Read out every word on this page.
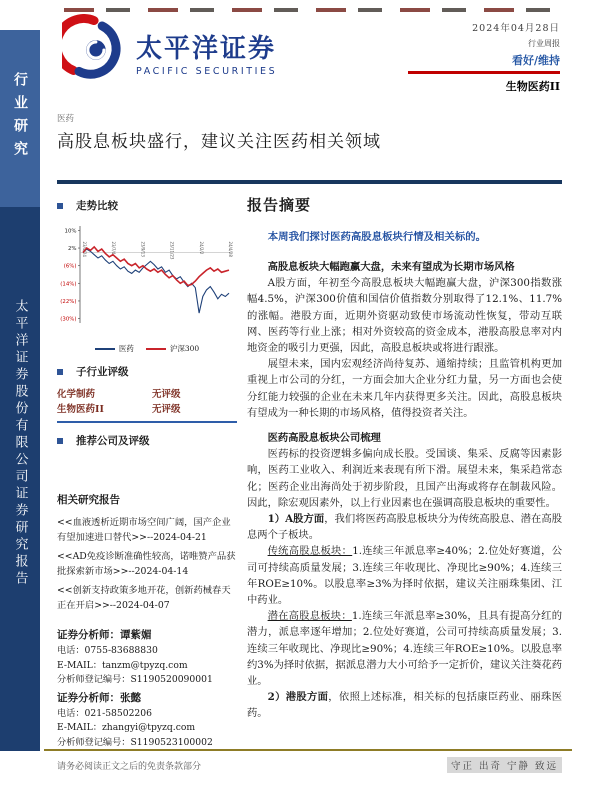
行业研究
太平洋证券股份有限公司证券研究报告
太平洋证券
PACIFIC SECURITIES
2024年04月28日
行业周报
看好/维持
生物医药II
医药
高股息板块盛行，建议关注医药相关领域
走势比较
10%
2%
(6%)
(14%)
(22%)
(30%)
23/4/24	23/7/4	23/9/13	23/11/23	24/2/2	24/4/28
医药	沪深300
子行业评级
化学制药	无评级
生物医药II	无评级
推荐公司及评级
相关研究报告

<<血液透析近期市场空间广阔，国产企业有望加速进口替代>>--2024-04-21

<<AD免疫诊断准确性较高，诺唯赞产品获批探索新市场>>--2024-04-14

<<创新支持政策多地开花，创新药械春天正在开启>>--2024-04-07

证券分析师：谭紫媚
电话：0755-83688830
E-MAIL：tanzm@tpyzq.com
分析师登记编号：S1190520090001
证券分析师：张懿
电话：021-58502206
E-MAIL：zhangyi@tpyzq.com
分析师登记编号：S1190523100002
报告摘要

本周我们探讨医药高股息板块行情及相关标的。

高股息板块大幅跑赢大盘，未来有望成为长期市场风格

A股方面，年初至今高股息板块大幅跑赢大盘，沪深300指数涨幅4.5%，沪深300价值和国信价值指数分别取得了12.1%、11.7%的涨幅。港股方面，近期外资驱动致使市场流动性恢复，带动互联网、医药等行业上涨；相对外资较高的资金成本，港股高股息率对内地资金的吸引力更强，因此，高股息板块或将进行跟涨。

展望未来，国内宏观经济尚待复苏、通缩持续；且监管机构更加重视上市公司的分红，一方面会加大企业分红力量，另一方面也会使分红能力较强的企业在未来几年内获得更多关注。因此，高股息板块有望成为一种长期的市场风格，值得投资者关注。

医药高股息板块公司梳理

医药标的投资逻辑多偏向成长股。受国谈、集采、反腐等因素影响，医药工业收入、利润近来表现有所下滑。展望未来，集采趋常态化；医药企业出海尚处于初步阶段，且国产出海或将存在制裁风险。因此，除宏观因素外，以上行业因素也在强调高股息板块的重要性。

1）A股方面，我们将医药高股息板块分为传统高股息、潜在高股息两个子板块。

传统高股息板块：1.连续三年派息率≥40%；2.位处好赛道，公司可持续高质量发展；3.连续三年收现比、净现比≥90%；4.连续三年ROE≥10%。以股息率≥3%为择时依据，建议关注丽珠集团、江中药业。

潜在高股息板块：1.连续三年派息率≥30%，且具有提高分红的潜力，派息率逐年增加；2.位处好赛道，公司可持续高质量发展；3.连续三年收现比、净现比≥90%；4.连续三年ROE≥10%。以股息率约3%为择时依据，据派息潜力大小可给予一定折价，建议关注葵花药业。

2）港股方面，依照上述标准，相关标的包括康臣药业、丽珠医药。

请务必阅读正文之后的免责条款部分	守正 出奇 宁静 致远
